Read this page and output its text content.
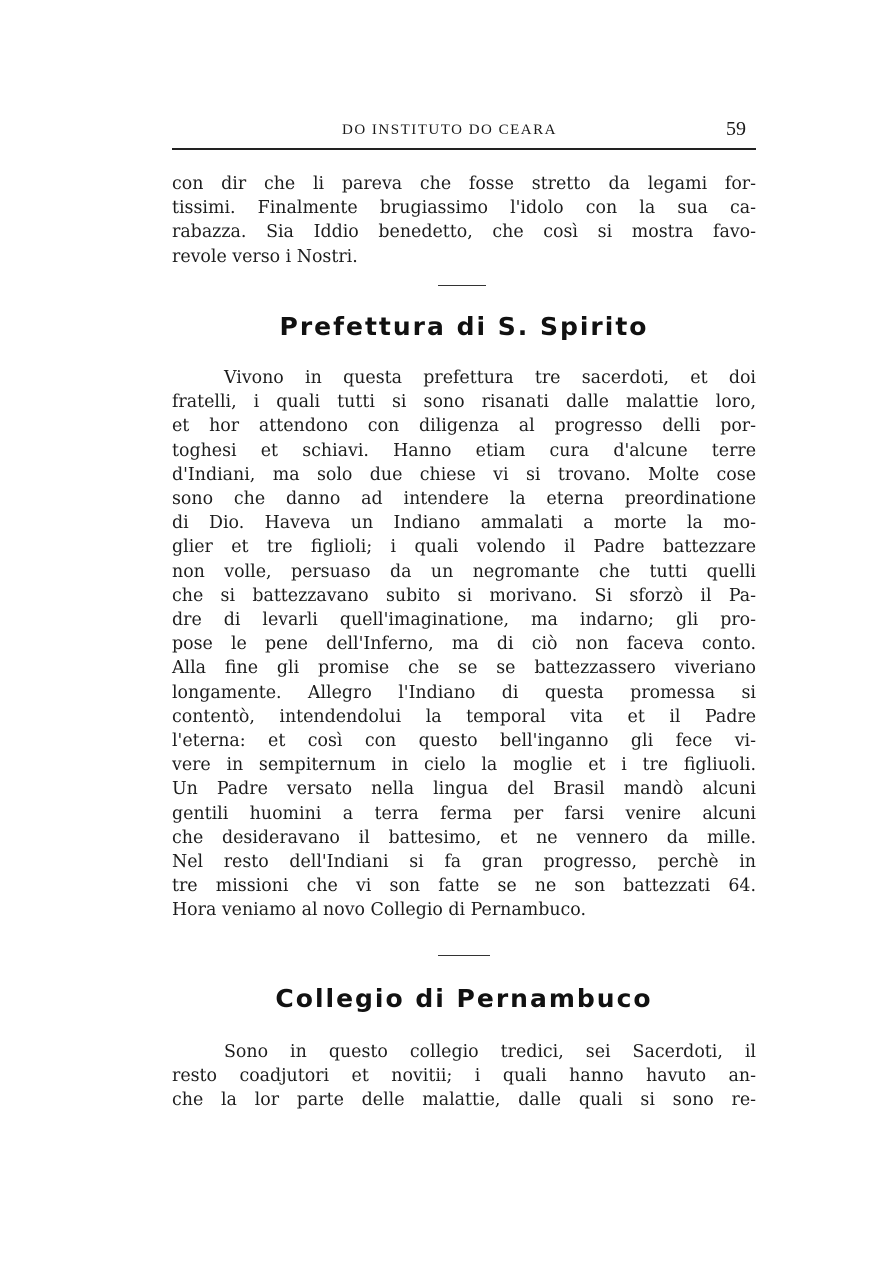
DO INSTITUTO DO CEARA	59

con dir che li pareva che fosse stretto da legami for-
tissimi. Finalmente brugiassimo l'idolo con la sua ca-
rabazza. Sia Iddio benedetto, che così si mostra favo-
revole verso i Nostri.

Prefettura di S. Spirito

Vivono in questa prefettura tre sacerdoti, et doi
fratelli, i quali tutti si sono risanati dalle malattie loro,
et hor attendono con diligenza al progresso delli por-
toghesi et schiavi. Hanno etiam cura d'alcune terre
d'Indiani, ma solo due chiese vi si trovano. Molte cose
sono che danno ad intendere la eterna preordinatione
di Dio. Haveva un Indiano ammalati a morte la mo-
glier et tre figlioli; i quali volendo il Padre battezzare
non volle, persuaso da un negromante che tutti quelli
che si battezzavano subito si morivano. Si sforzò il Pa-
dre di levarli quell'imaginatione, ma indarno; gli pro-
pose le pene dell'Inferno, ma di ciò non faceva conto.
Alla fine gli promise che se se battezzassero viveriano
longamente. Allegro l'Indiano di questa promessa si
contentò, intendendolui la temporal vita et il Padre
l'eterna: et così con questo bell'inganno gli fece vi-
vere in sempiternum in cielo la moglie et i tre figliuoli.
Un Padre versato nella lingua del Brasil mandò alcuni
gentili huomini a terra ferma per farsi venire alcuni
che desideravano il battesimo, et ne vennero da mille.
Nel resto dell'Indiani si fa gran progresso, perchè in
tre missioni che vi son fatte se ne son battezzati 64.
Hora veniamo al novo Collegio di Pernambuco.

Collegio di Pernambuco

Sono in questo collegio tredici, sei Sacerdoti, il
resto coadjutori et novitii; i quali hanno havuto an-
che la lor parte delle malattie, dalle quali si sono re-
